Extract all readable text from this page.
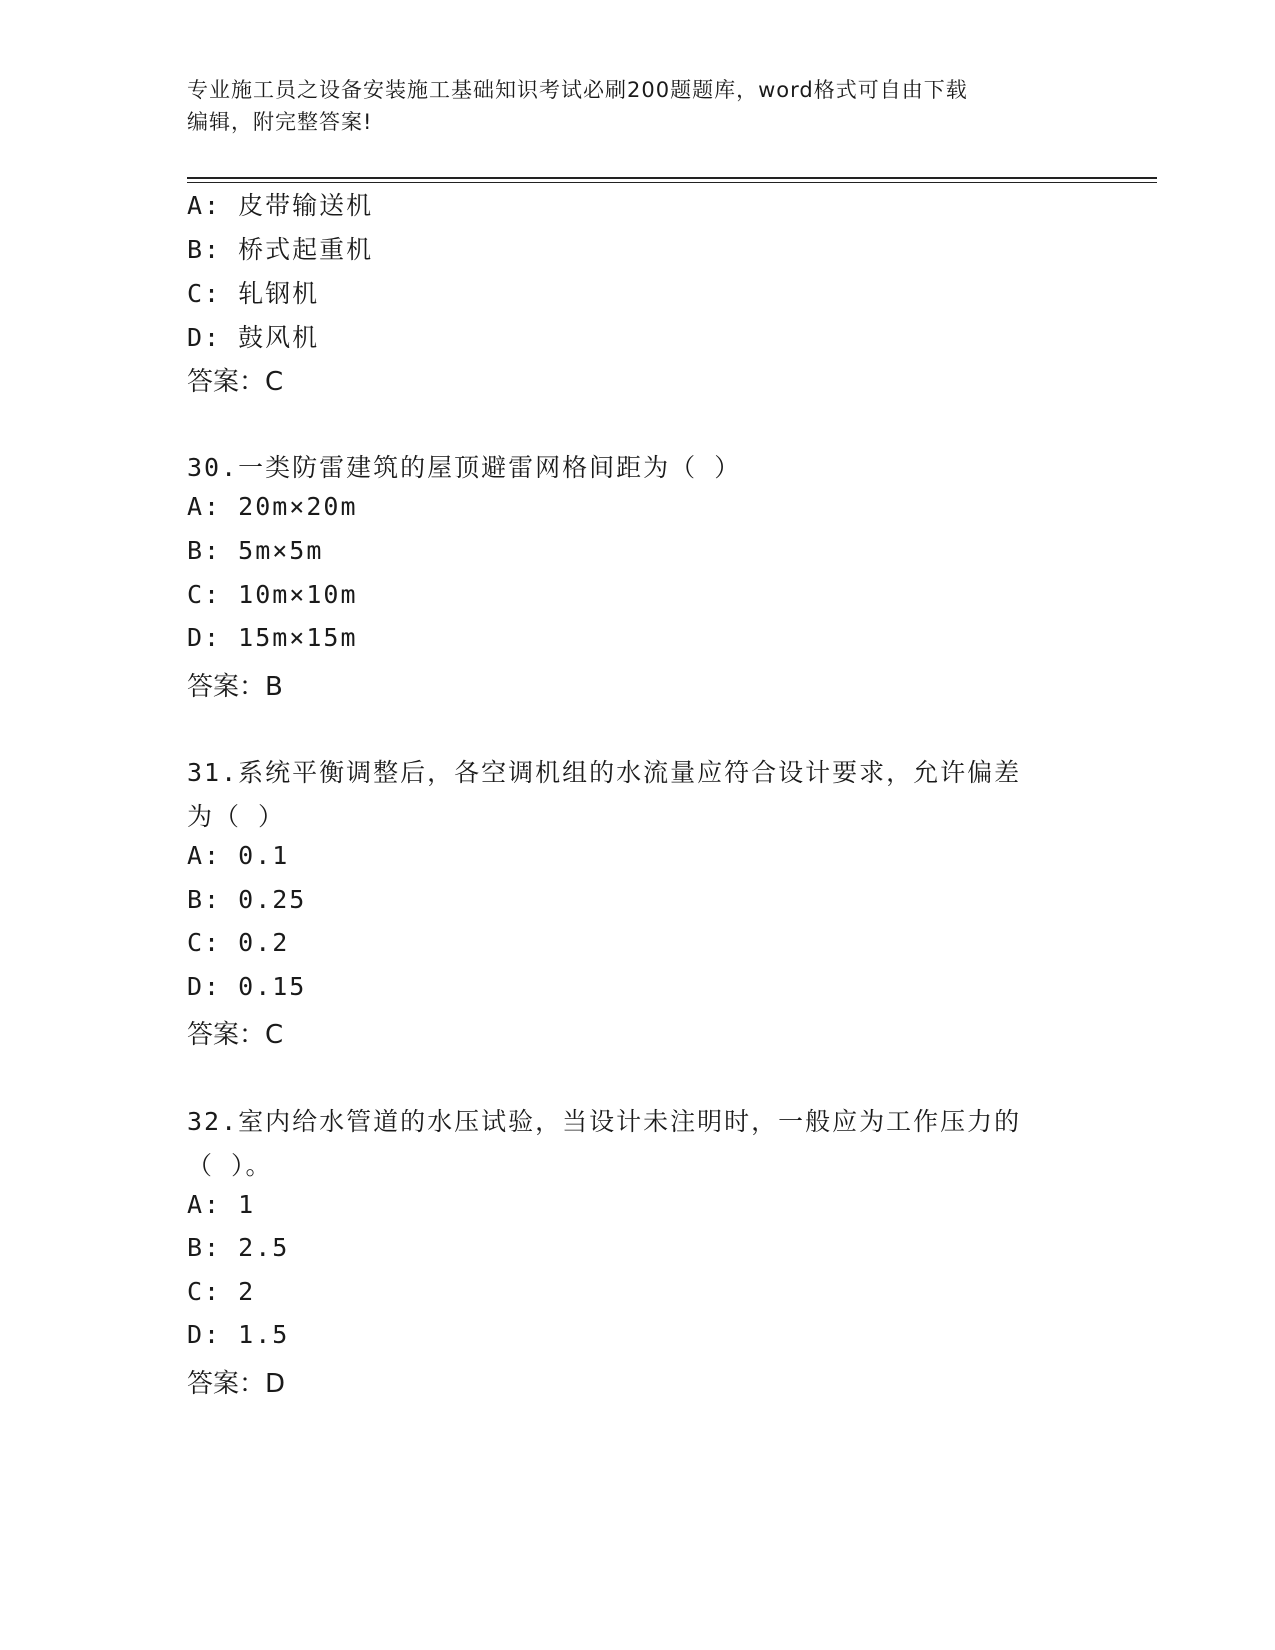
专业施工员之设备安装施工基础知识考试必刷200题题库，word格式可自由下载
编辑，附完整答案!
A: 皮带输送机
B: 桥式起重机
C: 轧钢机
D: 鼓风机
答案：C
30.一类防雷建筑的屋顶避雷网格间距为（ ）
A: 20m×20m
B: 5m×5m
C: 10m×10m
D: 15m×15m
答案：B
31.系统平衡调整后，各空调机组的水流量应符合设计要求，允许偏差
为（ ）
A: 0.1
B: 0.25
C: 0.2
D: 0.15
答案：C
32.室内给水管道的水压试验，当设计未注明时，一般应为工作压力的
（ ）。
A: 1
B: 2.5
C: 2
D: 1.5
答案：D
